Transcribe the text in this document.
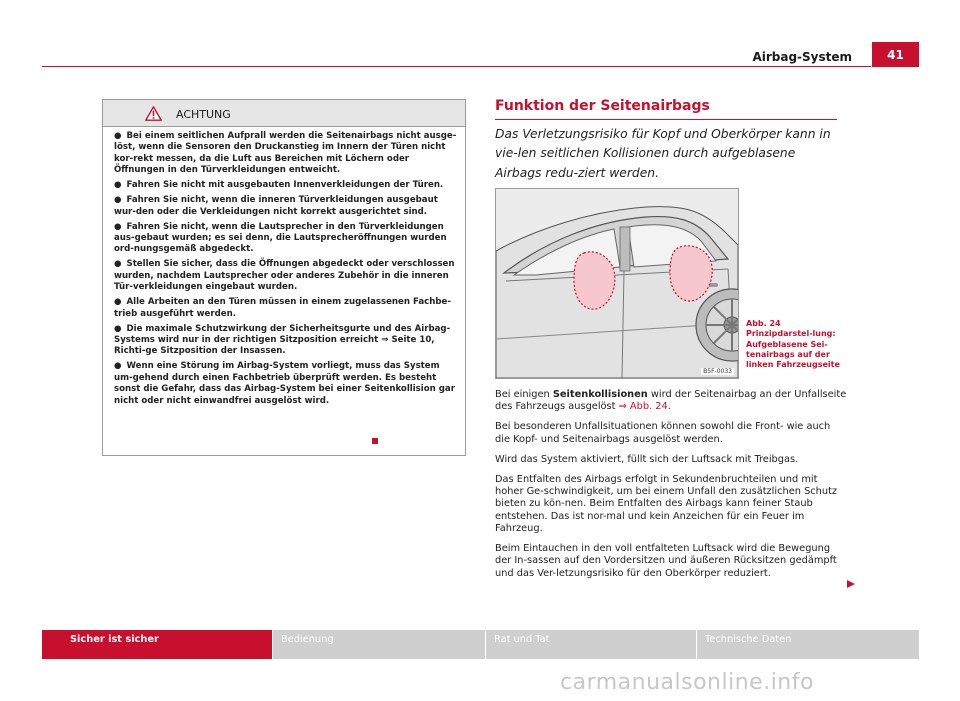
Airbag-System	41
ACHTUNG

● Bei einem seitlichen Aufprall werden die Seitenairbags nicht ausge-löst, wenn die Sensoren den Druckanstieg im Innern der Türen nicht kor-rekt messen, da die Luft aus Bereichen mit Löchern oder Öffnungen in den Türverkleidungen entweicht.

● Fahren Sie nicht mit ausgebauten Innenverkleidungen der Türen.

● Fahren Sie nicht, wenn die inneren Türverkleidungen ausgebaut wur-den oder die Verkleidungen nicht korrekt ausgerichtet sind.

● Fahren Sie nicht, wenn die Lautsprecher in den Türverkleidungen aus-gebaut wurden; es sei denn, die Lautsprecheröffnungen wurden ord-nungsgemäß abgedeckt.

● Stellen Sie sicher, dass die Öffnungen abgedeckt oder verschlossen wurden, nachdem Lautsprecher oder anderes Zubehör in die inneren Tür-verkleidungen eingebaut wurden.

● Alle Arbeiten an den Türen müssen in einem zugelassenen Fachbe-trieb ausgeführt werden.

● Die maximale Schutzwirkung der Sicherheitsgurte und des Airbag-Systems wird nur in der richtigen Sitzposition erreicht ⇒ Seite 10, Richti-ge Sitzposition der Insassen.

● Wenn eine Störung im Airbag-System vorliegt, muss das System um-gehend durch einen Fachbetrieb überprüft werden. Es besteht sonst die Gefahr, dass das Airbag-System bei einer Seitenkollision gar nicht oder nicht einwandfrei ausgelöst wird.

Funktion der Seitenairbags
Das Verletzungsrisiko für Kopf und Oberkörper kann in vie-len seitlichen Kollisionen durch aufgeblasene Airbags redu-ziert werden.
B5F-0033
Abb. 24 Prinzipdarstel-lung: Aufgeblasene Sei-tenairbags auf der linken Fahrzeugseite

Bei einigen Seitenkollisionen wird der Seitenairbag an der Unfallseite des Fahrzeugs ausgelöst ⇒ Abb. 24.

Bei besonderen Unfallsituationen können sowohl die Front- wie auch die Kopf- und Seitenairbags ausgelöst werden.

Wird das System aktiviert, füllt sich der Luftsack mit Treibgas.

Das Entfalten des Airbags erfolgt in Sekundenbruchteilen und mit hoher Ge-schwindigkeit, um bei einem Unfall den zusätzlichen Schutz bieten zu kön-nen. Beim Entfalten des Airbags kann feiner Staub entstehen. Das ist nor-mal und kein Anzeichen für ein Feuer im Fahrzeug.

Beim Eintauchen in den voll entfalteten Luftsack wird die Bewegung der In-sassen auf den Vordersitzen und äußeren Rücksitzen gedämpft und das Ver-letzungsrisiko für den Oberkörper reduziert.

Sicher ist sicher	Bedienung	Rat und Tat	Technische Daten
carmanualsonline.info
